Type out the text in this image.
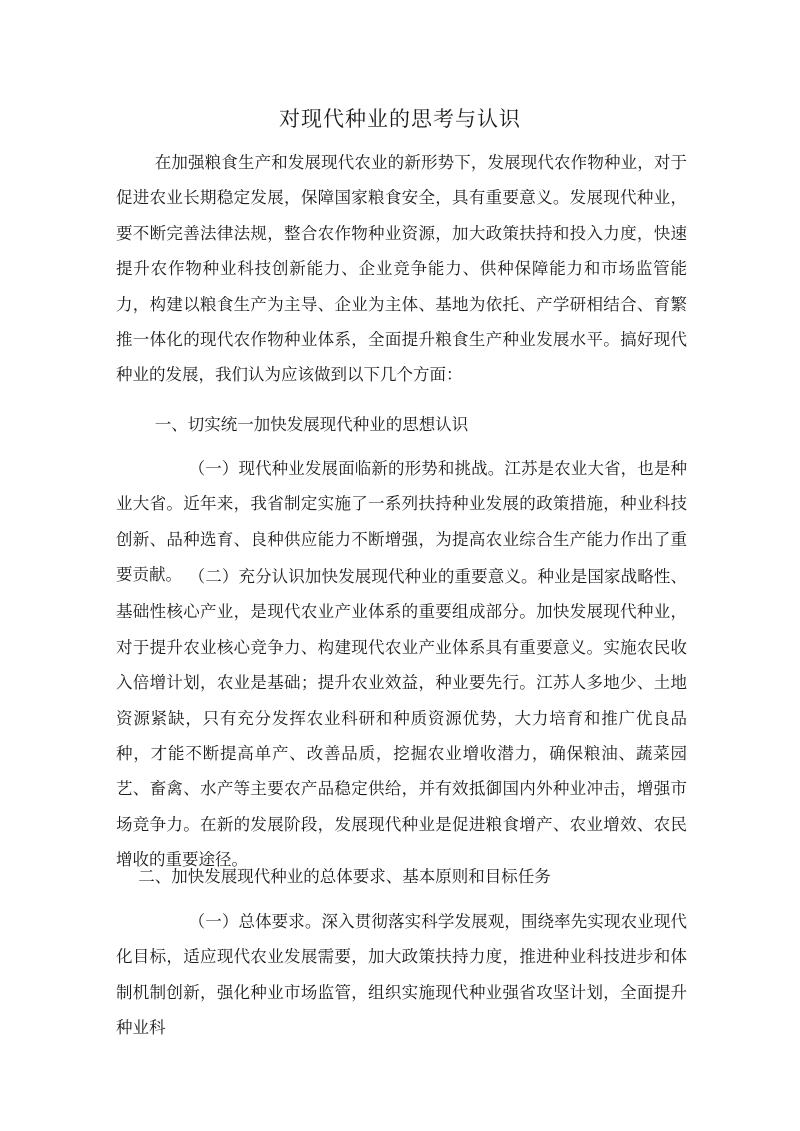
对现代种业的思考与认识

在加强粮食生产和发展现代农业的新形势下，发展现代农作物种业，对于促进农业长期稳定发展，保障国家粮食安全，具有重要意义。发展现代种业，要不断完善法律法规，整合农作物种业资源，加大政策扶持和投入力度，快速提升农作物种业科技创新能力、企业竞争能力、供种保障能力和市场监管能力，构建以粮食生产为主导、企业为主体、基地为依托、产学研相结合、育繁推一体化的现代农作物种业体系，全面提升粮食生产种业发展水平。搞好现代种业的发展，我们认为应该做到以下几个方面：

一、切实统一加快发展现代种业的思想认识

（一）现代种业发展面临新的形势和挑战。江苏是农业大省，也是种业大省。近年来，我省制定实施了一系列扶持种业发展的政策措施，种业科技创新、品种选育、良种供应能力不断增强，为提高农业综合生产能力作出了重要贡献。 （二）充分认识加快发展现代种业的重要意义。种业是国家战略性、基础性核心产业，是现代农业产业体系的重要组成部分。加快发展现代种业，对于提升农业核心竞争力、构建现代农业产业体系具有重要意义。实施农民收入倍增计划，农业是基础；提升农业效益，种业要先行。江苏人多地少、土地资源紧缺，只有充分发挥农业科研和种质资源优势，大力培育和推广优良品种，才能不断提高单产、改善品质，挖掘农业增收潜力，确保粮油、蔬菜园艺、畜禽、水产等主要农产品稳定供给，并有效抵御国内外种业冲击，增强市场竞争力。在新的发展阶段，发展现代种业是促进粮食增产、农业增效、农民增收的重要途径。

二、加快发展现代种业的总体要求、基本原则和目标任务

（一）总体要求。深入贯彻落实科学发展观，围绕率先实现农业现代化目标，适应现代农业发展需要，加大政策扶持力度，推进种业科技进步和体制机制创新，强化种业市场监管，组织实施现代种业强省攻坚计划，全面提升种业科
